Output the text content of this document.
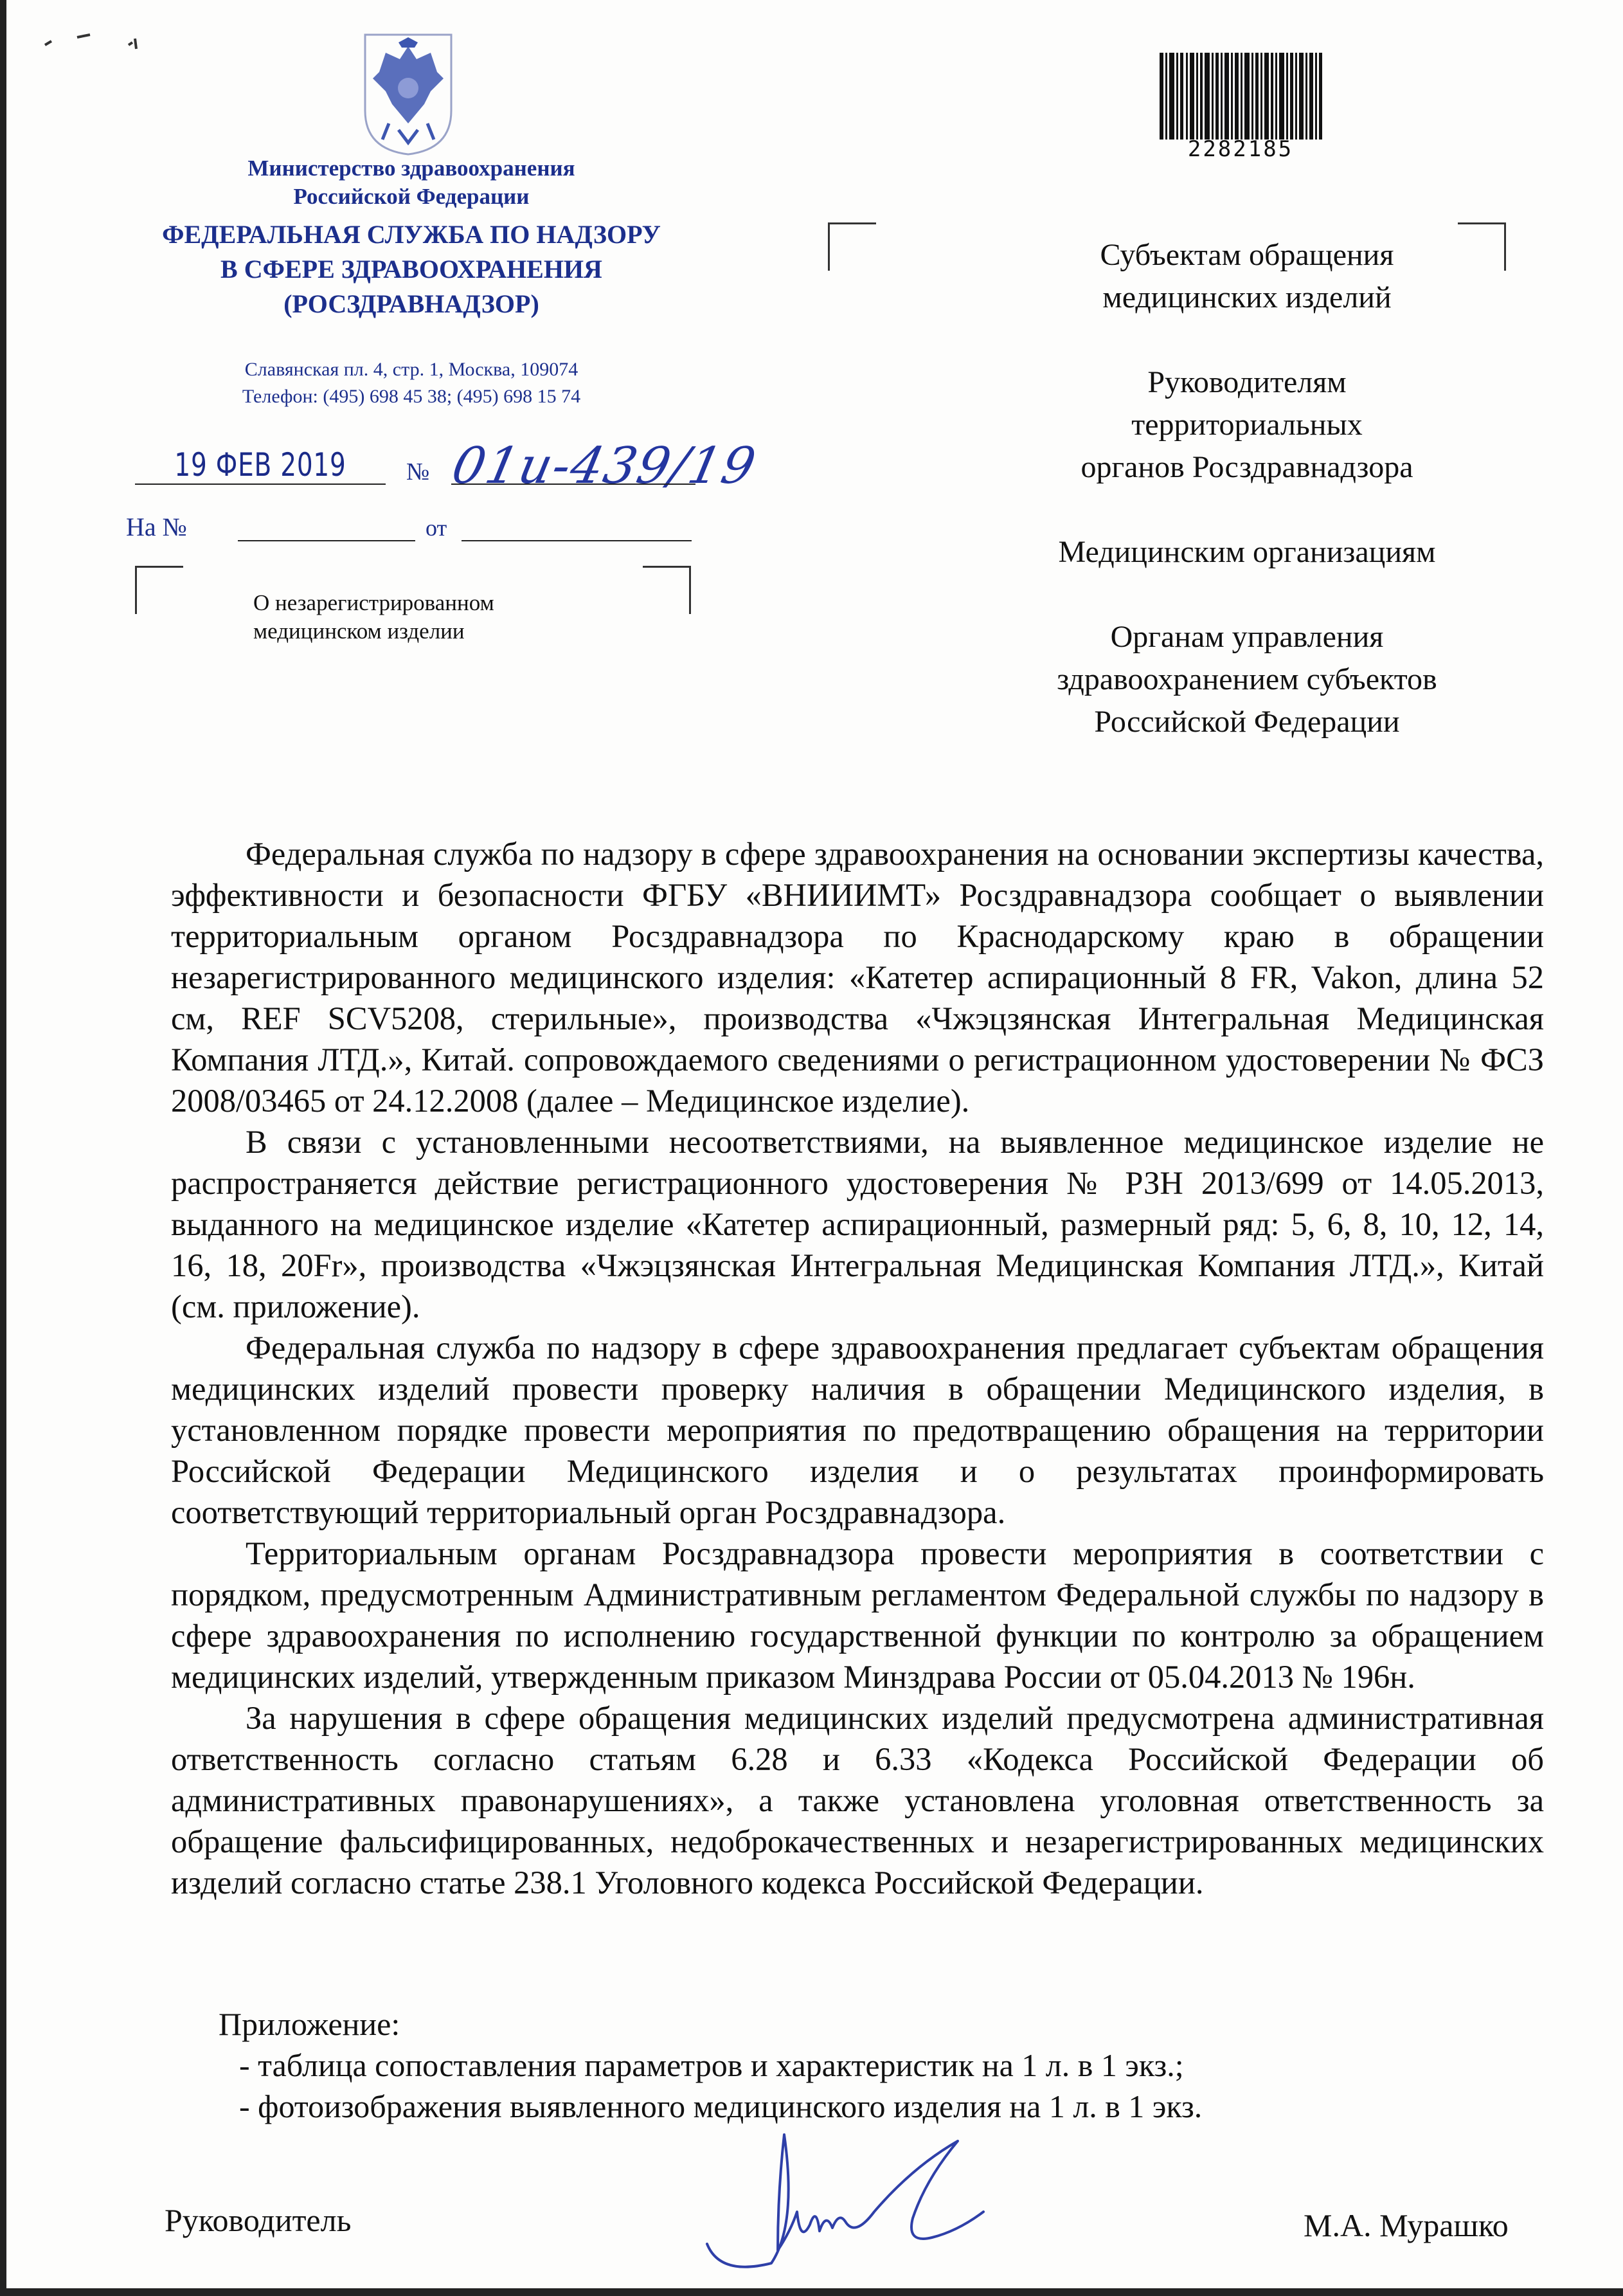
Министерство здравоохранения
Российской Федерации
ФЕДЕРАЛЬНАЯ СЛУЖБА ПО НАДЗОРУ
В СФЕРЕ ЗДРАВООХРАНЕНИЯ
(РОСЗДРАВНАДЗОР)
Славянская пл. 4, стр. 1, Москва, 109074
Телефон: (495) 698 45 38; (495) 698 15 74
19 ФЕВ 2019	№ 01u-439/19
На №	от
О незарегистрированном
медицинском изделии
2282185
Субъектам обращения
медицинских изделий
Руководителям
территориальных
органов Росздравнадзора
Медицинским организациям
Органам управления
здравоохранением субъектов
Российской Федерации

Федеральная служба по надзору в сфере здравоохранения на основании экспертизы качества, эффективности и безопасности ФГБУ «ВНИИИМТ» Росздравнадзора сообщает о выявлении территориальным органом Росздравнадзора по Краснодарскому краю в обращении незарегистрированного медицинского изделия: «Катетер аспирационный 8 FR, Vakon, длина 52 см, REF SCV5208, стерильные», производства «Чжэцзянская Интегральная Медицинская Компания ЛТД.», Китай. сопровождаемого сведениями о регистрационном удостоверении № ФСЗ 2008/03465 от 24.12.2008 (далее – Медицинское изделие).

В связи с установленными несоответствиями, на выявленное медицинское изделие не распространяется действие регистрационного удостоверения № РЗН 2013/699 от 14.05.2013, выданного на медицинское изделие «Катетер аспирационный, размерный ряд: 5, 6, 8, 10, 12, 14, 16, 18, 20Fr», производства «Чжэцзянская Интегральная Медицинская Компания ЛТД.», Китай (см. приложение).

Федеральная служба по надзору в сфере здравоохранения предлагает субъектам обращения медицинских изделий провести проверку наличия в обращении Медицинского изделия, в установленном порядке провести мероприятия по предотвращению обращения на территории Российской Федерации Медицинского изделия и о результатах проинформировать соответствующий территориальный орган Росздравнадзора.

Территориальным органам Росздравнадзора провести мероприятия в соответствии с порядком, предусмотренным Административным регламентом Федеральной службы по надзору в сфере здравоохранения по исполнению государственной функции по контролю за обращением медицинских изделий, утвержденным приказом Минздрава России от 05.04.2013 № 196н.

За нарушения в сфере обращения медицинских изделий предусмотрена административная ответственность согласно статьям 6.28 и 6.33 «Кодекса Российской Федерации об административных правонарушениях», а также установлена уголовная ответственность за обращение фальсифицированных, недоброкачественных и незарегистрированных медицинских изделий согласно статье 238.1 Уголовного кодекса Российской Федерации.

Приложение:
- таблица сопоставления параметров и характеристик на 1 л. в 1 экз.;
- фотоизображения выявленного медицинского изделия на 1 л. в 1 экз.
Руководитель	М.А. Мурашко
